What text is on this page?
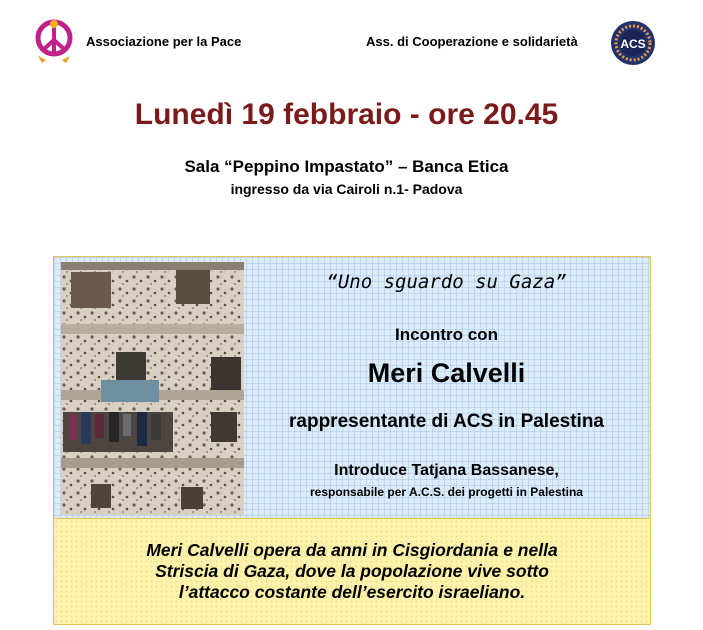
Associazione per la Pace	Ass. di Cooperazione e solidarietà	ACS
Lunedì 19 febbraio - ore 20.45
Sala “Peppino Impastato” – Banca Etica
ingresso da via Cairoli n.1- Padova
“Uno sguardo su Gaza”
Incontro con
Meri Calvelli
rappresentante di ACS in Palestina
Introduce Tatjana Bassanese,
responsabile per A.C.S. dei progetti in Palestina
Meri Calvelli opera da anni in Cisgiordania e nella
Striscia di Gaza, dove la popolazione vive sotto
l’attacco costante dell’esercito israeliano.
